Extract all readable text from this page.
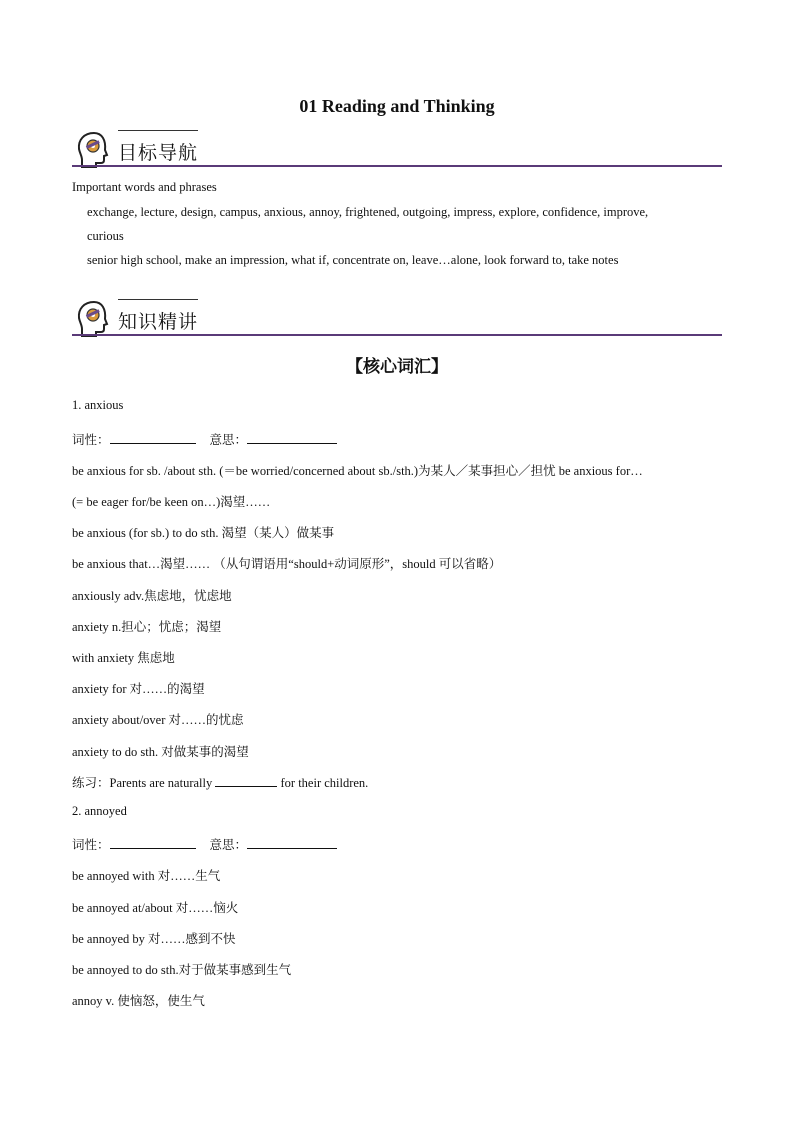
01 Reading and Thinking
目标导航
Important words and phrases
exchange, lecture, design, campus, anxious, annoy, frightened, outgoing, impress, explore, confidence, improve,
curious
senior high school, make an impression, what if, concentrate on, leave…alone, look forward to, take notes
知识精讲
【核心词汇】
1. anxious
词性：	意思：
be anxious for sb. /about sth. (＝be worried/concerned about sb./sth.)为某人／某事担心／担忧 be anxious for…
(= be eager for/be keen on…)渴望……
be anxious (for sb.) to do sth. 渴望（某人）做某事
be anxious that…渴望…… （从句谓语用“should+动词原形”，should 可以省略）
anxiously adv.焦虑地，忧虑地
anxiety n.担心；忧虑；渴望
with anxiety 焦虑地
anxiety for 对……的渴望
anxiety about/over 对……的忧虑
anxiety to do sth. 对做某事的渴望
练习：Parents are naturally	for their children.
2. annoyed
词性：	意思：
be annoyed with 对……生气
be annoyed at/about 对……恼火
be annoyed by 对……感到不快
be annoyed to do sth.对于做某事感到生气
annoy v. 使恼怒，使生气
